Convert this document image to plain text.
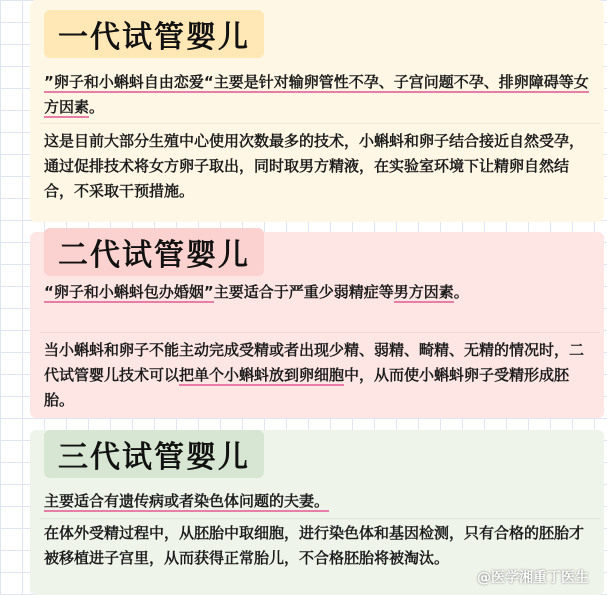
一代试管婴儿
”卵子和小蝌蚪自由恋爱“主要是针对输卵管性不孕、子宫问题不孕、排卵障碍等女方因素。
这是目前大部分生殖中心使用次数最多的技术，小蝌蚪和卵子结合接近自然受孕，通过促排技术将女方卵子取出，同时取男方精液，在实验室环境下让精卵自然结合，不采取干预措施。
二代试管婴儿
“卵子和小蝌蚪包办婚姻”主要适合于严重少弱精症等男方因素。
当小蝌蚪和卵子不能主动完成受精或者出现少精、弱精、畸精、无精的情况时，二代试管婴儿技术可以把单个小蝌蚪放到卵细胞中，从而使小蝌蚪卵子受精形成胚胎。
三代试管婴儿
主要适合有遗传病或者染色体问题的夫妻。
在体外受精过程中，从胚胎中取细胞，进行染色体和基因检测，只有合格的胚胎才被移植进子宫里，从而获得正常胎儿，不合格胚胎将被淘汰。
@医学湘重丁医生
